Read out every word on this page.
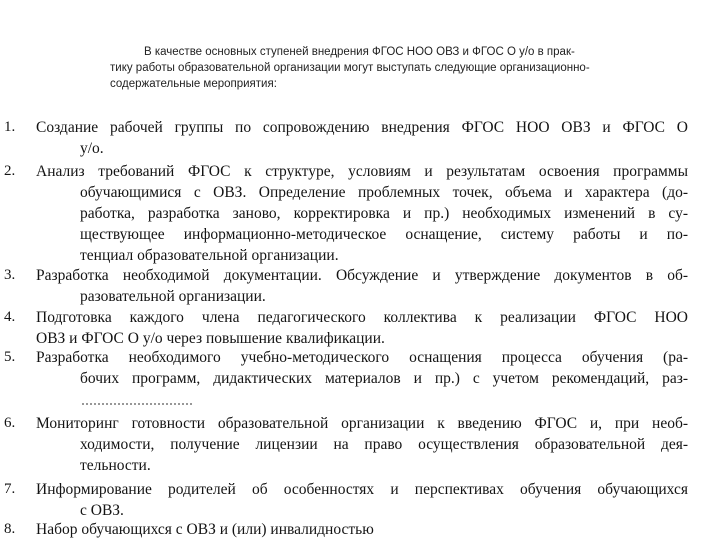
В качестве основных ступеней внедрения ФГОС НОО ОВЗ и ФГОС О у/о в прак-
тику работы образовательной организации могут выступать следующие организационно-
содержательные мероприятия:
1. Создание рабочей группы по сопровождению внедрения ФГОС НОО ОВЗ и ФГОС О
у/о.
2. Анализ требований ФГОС к структуре, условиям и результатам освоения программы
обучающимися с ОВЗ. Определение проблемных точек, объема и характера (до-
работка, разработка заново, корректировка и пр.) необходимых изменений в су-
ществующее информационно-методическое оснащение, систему работы и по-
тенциал образовательной организации.
3. Разработка необходимой документации. Обсуждение и утверждение документов в об-
разовательной организации.
4. Подготовка каждого члена педагогического коллектива к реализации ФГОС НОО
ОВЗ и ФГОС О у/о через повышение квалификации.
5. Разработка необходимого учебно-методического оснащения процесса обучения (ра-
бочих программ, дидактических материалов и пр.) с учетом рекомендаций, раз-
6. Мониторинг готовности образовательной организации к введению ФГОС и, при необ-
ходимости, получение лицензии на право осуществления образовательной дея-
тельности.
7. Информирование родителей об особенностях и перспективах обучения обучающихся
с ОВЗ.
8. Набор обучающихся с ОВЗ и (или) инвалидностью
